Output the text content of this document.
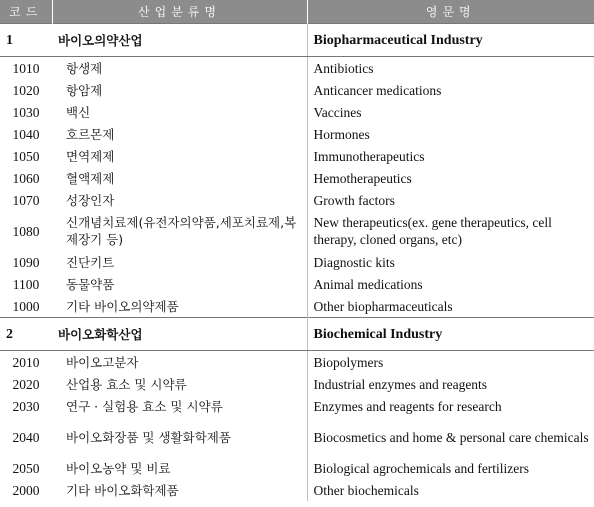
코드	산업분류명	영문명
1	바이오의약산업	Biopharmaceutical Industry
1010	항생제	Antibiotics
1020	항암제	Anticancer medications
1030	백신	Vaccines
1040	호르몬제	Hormones
1050	면역제제	Immunotherapeutics
1060	혈액제제	Hemotherapeutics
1070	성장인자	Growth factors
1080	신개념치료제(유전자의약품,세포치료제,복제장기 등)	New therapeutics(ex. gene therapeutics, cell therapy, cloned organs, etc)
1090	진단키트	Diagnostic kits
1100	동물약품	Animal medications
1000	기타 바이오의약제품	Other biopharmaceuticals
2	바이오화학산업	Biochemical Industry
2010	바이오고분자	Biopolymers
2020	산업용 효소 및 시약류	Industrial enzymes and reagents
2030	연구 · 실험용 효소 및 시약류	Enzymes and reagents for research
2040	바이오화장품 및 생활화학제품	Biocosmetics and home & personal care chemicals
2050	바이오농약 및 비료	Biological agrochemicals and fertilizers
2000	기타 바이오화학제품	Other biochemicals
